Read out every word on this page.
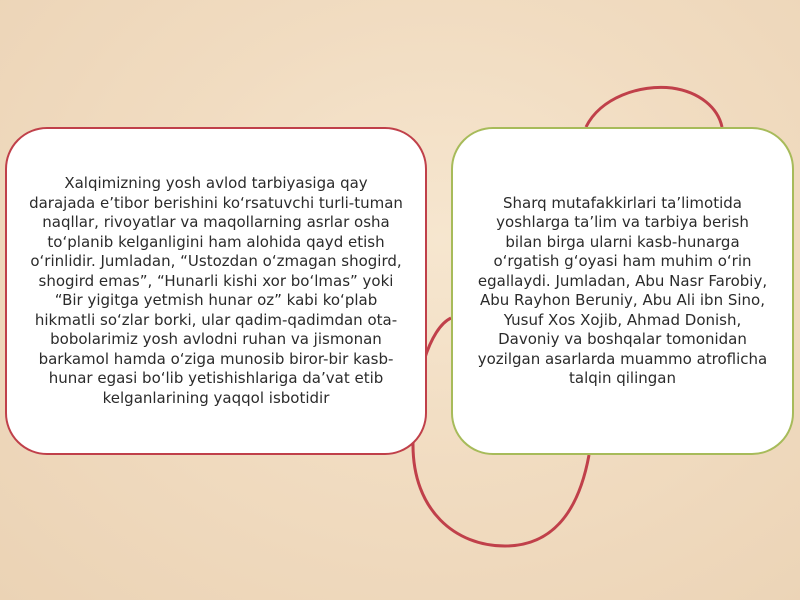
Xalqimizning yosh avlod tarbiyasiga qay darajada e’tibor berishini ko‘rsatuvchi turli-tuman naqllar, rivoyatlar va maqollarning asrlar osha to‘planib kelganligini ham alohida qayd etish o‘rinlidir. Jumladan, “Ustozdan o‘zmagan shogird, shogird emas”, “Hunarli kishi xor bo‘lmas” yoki “Bir yigitga yetmish hunar oz” kabi ko‘plab hikmatli so‘zlar borki, ular qadim-qadimdan ota-bobolarimiz yosh avlodni ruhan va jismonan barkamol hamda o‘ziga munosib biror-bir kasb-hunar egasi bo‘lib yetishishlariga da’vat etib kelganlarining yaqqol isbotidir

Sharq mutafakkirlari ta’limotida yoshlarga ta’lim va tarbiya berish bilan birga ularni kasb-hunarga o‘rgatish g‘oyasi ham muhim o‘rin egallaydi. Jumladan, Abu Nasr Farobiy, Abu Rayhon Beruniy, Abu Ali ibn Sino, Yusuf Xos Xojib, Ahmad Donish, Davoniy va boshqalar tomonidan yozilgan asarlarda muammo atroflicha talqin qilingan
